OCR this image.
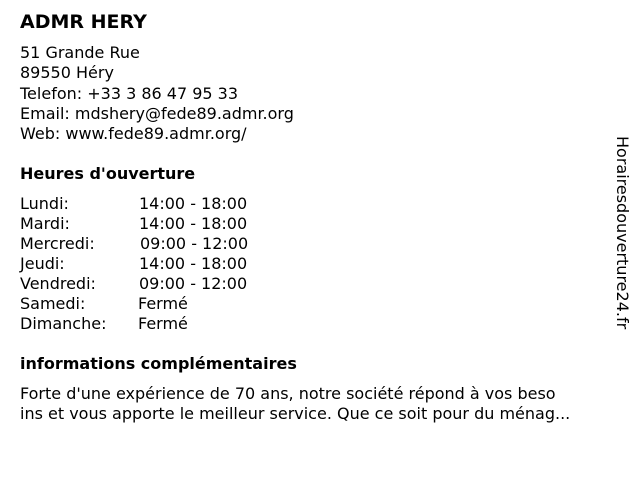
ADMR HERY
51 Grande Rue
89550 Héry
Telefon: +33 3 86 47 95 33
Email: mdshery@fede89.admr.org
Web: www.fede89.admr.org/
Heures d'ouverture
Lundi:	14:00 - 18:00
Mardi:	14:00 - 18:00
Mercredi:	09:00 - 12:00
Jeudi:	14:00 - 18:00
Vendredi:	09:00 - 12:00
Samedi:	Fermé
Dimanche: Fermé
informations complémentaires
Forte d'une expérience de 70 ans, notre société répond à vos beso
ins et vous apporte le meilleur service. Que ce soit pour du ménag...
Horairesdouverture24.fr
